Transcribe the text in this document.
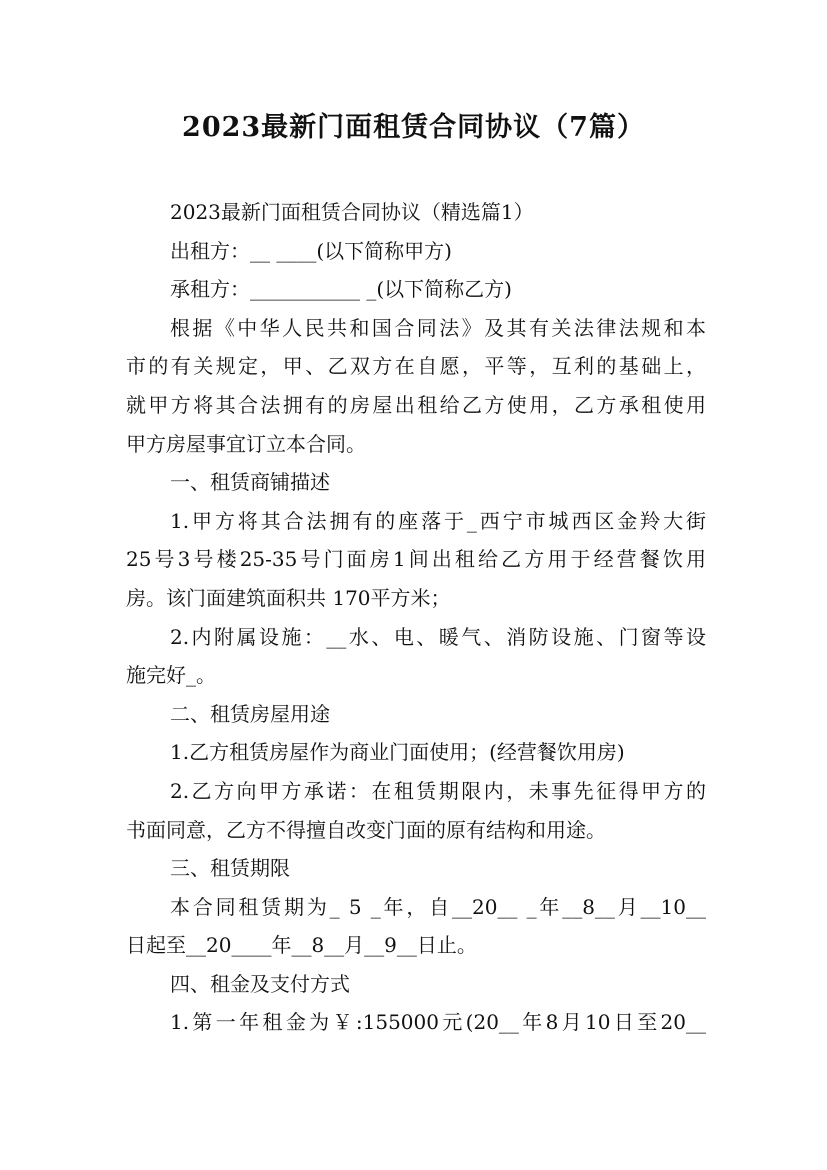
2023最新门面租赁合同协议（7篇）
2023最新门面租赁合同协议（精选篇1）
出租方：__ ____(以下简称甲方)
承租方：___________ _(以下简称乙方)
根据《中华人民共和国合同法》及其有关法律法规和本
市的有关规定，甲、乙双方在自愿，平等，互利的基础上，
就甲方将其合法拥有的房屋出租给乙方使用，乙方承租使用
甲方房屋事宜订立本合同。
一、租赁商铺描述
1.甲方将其合法拥有的座落于_西宁市城西区金羚大街
25号3号楼25-35号门面房1间出租给乙方用于经营餐饮用
房。该门面建筑面积共 170平方米；
2.内附属设施：__水、电、暖气、消防设施、门窗等设
施完好_。
二、租赁房屋用途
1.乙方租赁房屋作为商业门面使用；(经营餐饮用房)
2.乙方向甲方承诺：在租赁期限内，未事先征得甲方的
书面同意，乙方不得擅自改变门面的原有结构和用途。
三、租赁期限
本合同租赁期为_ 5 _年，自__20__ _年__8__月__10__
日起至__20____年__8__月__9__日止。
四、租金及支付方式
1.第一年租金为￥:155000元(20__年8月10日至20__
